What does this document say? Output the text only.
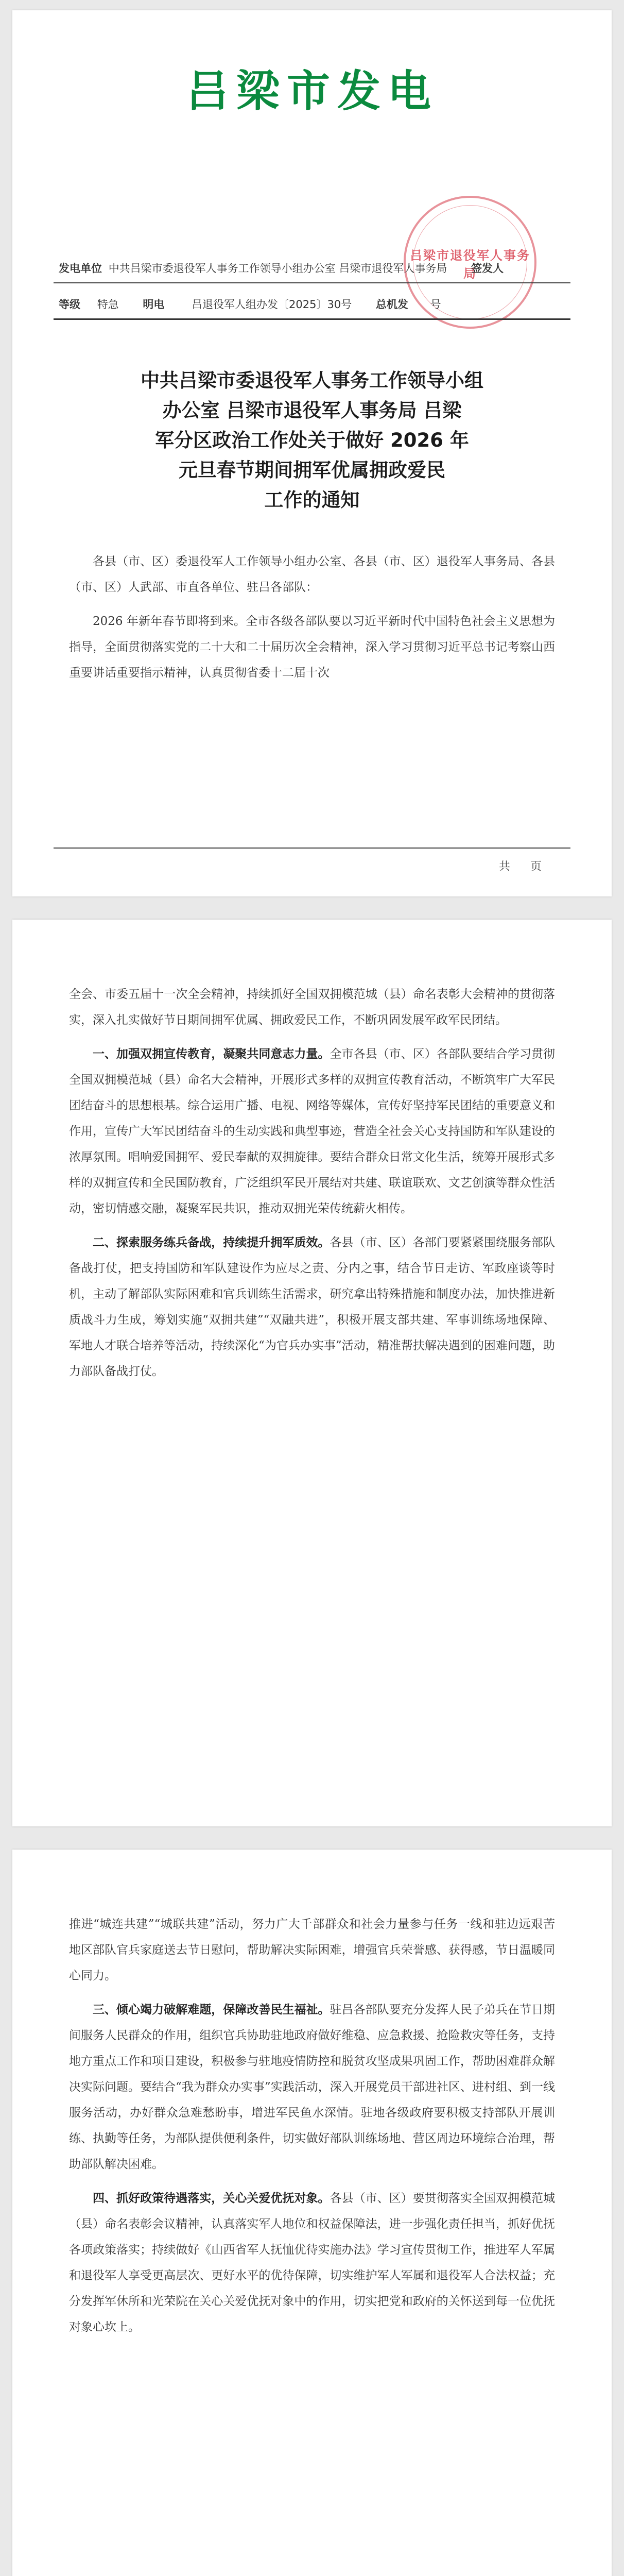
吕梁市发电
吕梁市退役军人事务局
发电单位 中共吕梁市委退役军人事务工作领导小组办公室 吕梁市退役军人事务局 签发人
等级 特急 明电	吕退役军人组办发〔2025〕30号 总机发 号
中共吕梁市委退役军人事务工作领导小组
办公室 吕梁市退役军人事务局 吕梁
军分区政治工作处关于做好 2026 年
元旦春节期间拥军优属拥政爱民
工作的通知

各县（市、区）委退役军人工作领导小组办公室、各县（市、区）退役军人事务局、各县（市、区）人武部、市直各单位、驻吕各部队：

2026 年新年春节即将到来。全市各级各部队要以习近平新时代中国特色社会主义思想为指导，全面贯彻落实党的二十大和二十届历次全会精神，深入学习贯彻习近平总书记考察山西重要讲话重要指示精神，认真贯彻省委十二届十次

共 页

全会、市委五届十一次全会精神，持续抓好全国双拥模范城（县）命名表彰大会精神的贯彻落实，深入扎实做好节日期间拥军优属、拥政爱民工作，不断巩固发展军政军民团结。

一、加强双拥宣传教育，凝聚共同意志力量。全市各县（市、区）各部队要结合学习贯彻全国双拥模范城（县）命名大会精神，开展形式多样的双拥宣传教育活动，不断筑牢广大军民团结奋斗的思想根基。综合运用广播、电视、网络等媒体，宣传好坚持军民团结的重要意义和作用，宣传广大军民团结奋斗的生动实践和典型事迹，营造全社会关心支持国防和军队建设的浓厚氛围。唱响爱国拥军、爱民奉献的双拥旋律。要结合群众日常文化生活，统筹开展形式多样的双拥宣传和全民国防教育，广泛组织军民开展结对共建、联谊联欢、文艺创演等群众性活动，密切情感交融，凝聚军民共识，推动双拥光荣传统薪火相传。

二、探索服务练兵备战，持续提升拥军质效。各县（市、区）各部门要紧紧围绕服务部队备战打仗，把支持国防和军队建设作为应尽之责、分内之事，结合节日走访、军政座谈等时机，主动了解部队实际困难和官兵训练生活需求，研究拿出特殊措施和制度办法，加快推进新质战斗力生成，筹划实施“双拥共建”“双融共进”，积极开展支部共建、军事训练场地保障、军地人才联合培养等活动，持续深化“为官兵办实事”活动，精准帮扶解决遇到的困难问题，助力部队备战打仗。

推进“城连共建”“城联共建”活动，努力广大千部群众和社会力量参与任务一线和驻边远艰苦地区部队官兵家庭送去节日慰问，帮助解决实际困难，增强官兵荣誉感、获得感，节日温暖同心同力。

三、倾心竭力破解难题，保障改善民生福祉。驻吕各部队要充分发挥人民子弟兵在节日期间服务人民群众的作用，组织官兵协助驻地政府做好维稳、应急救援、抢险救灾等任务，支持地方重点工作和项目建设，积极参与驻地疫情防控和脱贫攻坚成果巩固工作，帮助困难群众解决实际问题。要结合“我为群众办实事”实践活动，深入开展党员干部进社区、进村组、到一线服务活动，办好群众急难愁盼事，增进军民鱼水深情。驻地各级政府要积极支持部队开展训练、执勤等任务，为部队提供便利条件，切实做好部队训练场地、营区周边环境综合治理，帮助部队解决困难。

四、抓好政策待遇落实，关心关爱优抚对象。各县（市、区）要贯彻落实全国双拥模范城（县）命名表彰会议精神，认真落实军人地位和权益保障法，进一步强化责任担当，抓好优抚各项政策落实；持续做好《山西省军人抚恤优待实施办法》学习宣传贯彻工作，推进军人军属和退役军人享受更高层次、更好水平的优待保障，切实维护军人军属和退役军人合法权益；充分发挥军休所和光荣院在关心关爱优抚对象中的作用，切实把党和政府的关怀送到每一位优抚对象心坎上。
